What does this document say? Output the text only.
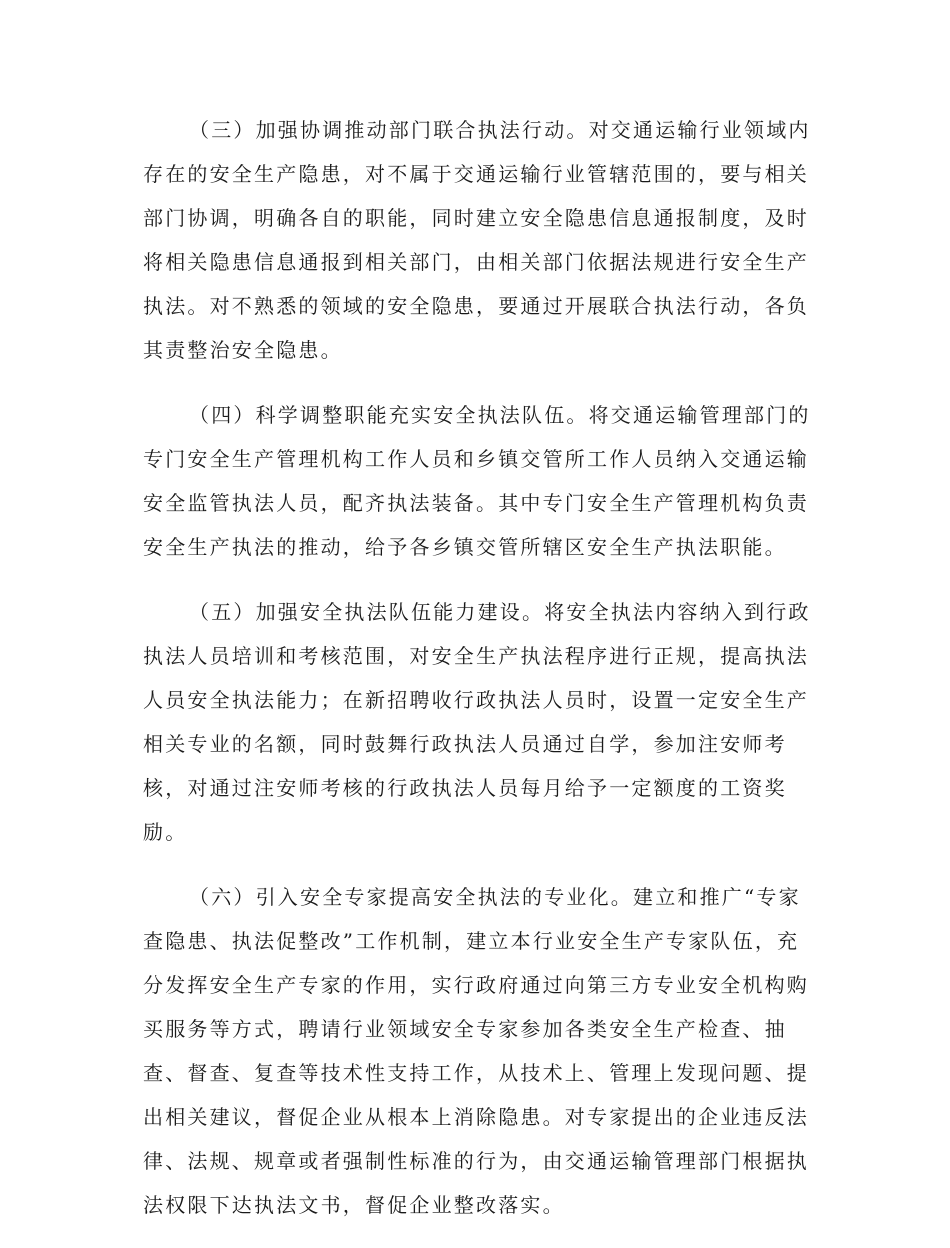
（三）加强协调推动部门联合执法行动。对交通运输行业领域内
存在的安全生产隐患，对不属于交通运输行业管辖范围的，要与相关
部门协调，明确各自的职能，同时建立安全隐患信息通报制度，及时
将相关隐患信息通报到相关部门，由相关部门依据法规进行安全生产
执法。对不熟悉的领域的安全隐患，要通过开展联合执法行动，各负
其责整治安全隐患。
（四）科学调整职能充实安全执法队伍。将交通运输管理部门的
专门安全生产管理机构工作人员和乡镇交管所工作人员纳入交通运输
安全监管执法人员，配齐执法装备。其中专门安全生产管理机构负责
安全生产执法的推动，给予各乡镇交管所辖区安全生产执法职能。
（五）加强安全执法队伍能力建设。将安全执法内容纳入到行政
执法人员培训和考核范围，对安全生产执法程序进行正规，提高执法
人员安全执法能力；在新招聘收行政执法人员时，设置一定安全生产
相关专业的名额，同时鼓舞行政执法人员通过自学，参加注安师考
核，对通过注安师考核的行政执法人员每月给予一定额度的工资奖
励。
（六）引入安全专家提高安全执法的专业化。建立和推广“专家
查隐患、执法促整改”工作机制，建立本行业安全生产专家队伍，充
分发挥安全生产专家的作用，实行政府通过向第三方专业安全机构购
买服务等方式，聘请行业领域安全专家参加各类安全生产检查、抽
查、督查、复查等技术性支持工作，从技术上、管理上发现问题、提
出相关建议，督促企业从根本上消除隐患。对专家提出的企业违反法
律、法规、规章或者强制性标准的行为，由交通运输管理部门根据执
法权限下达执法文书，督促企业整改落实。
